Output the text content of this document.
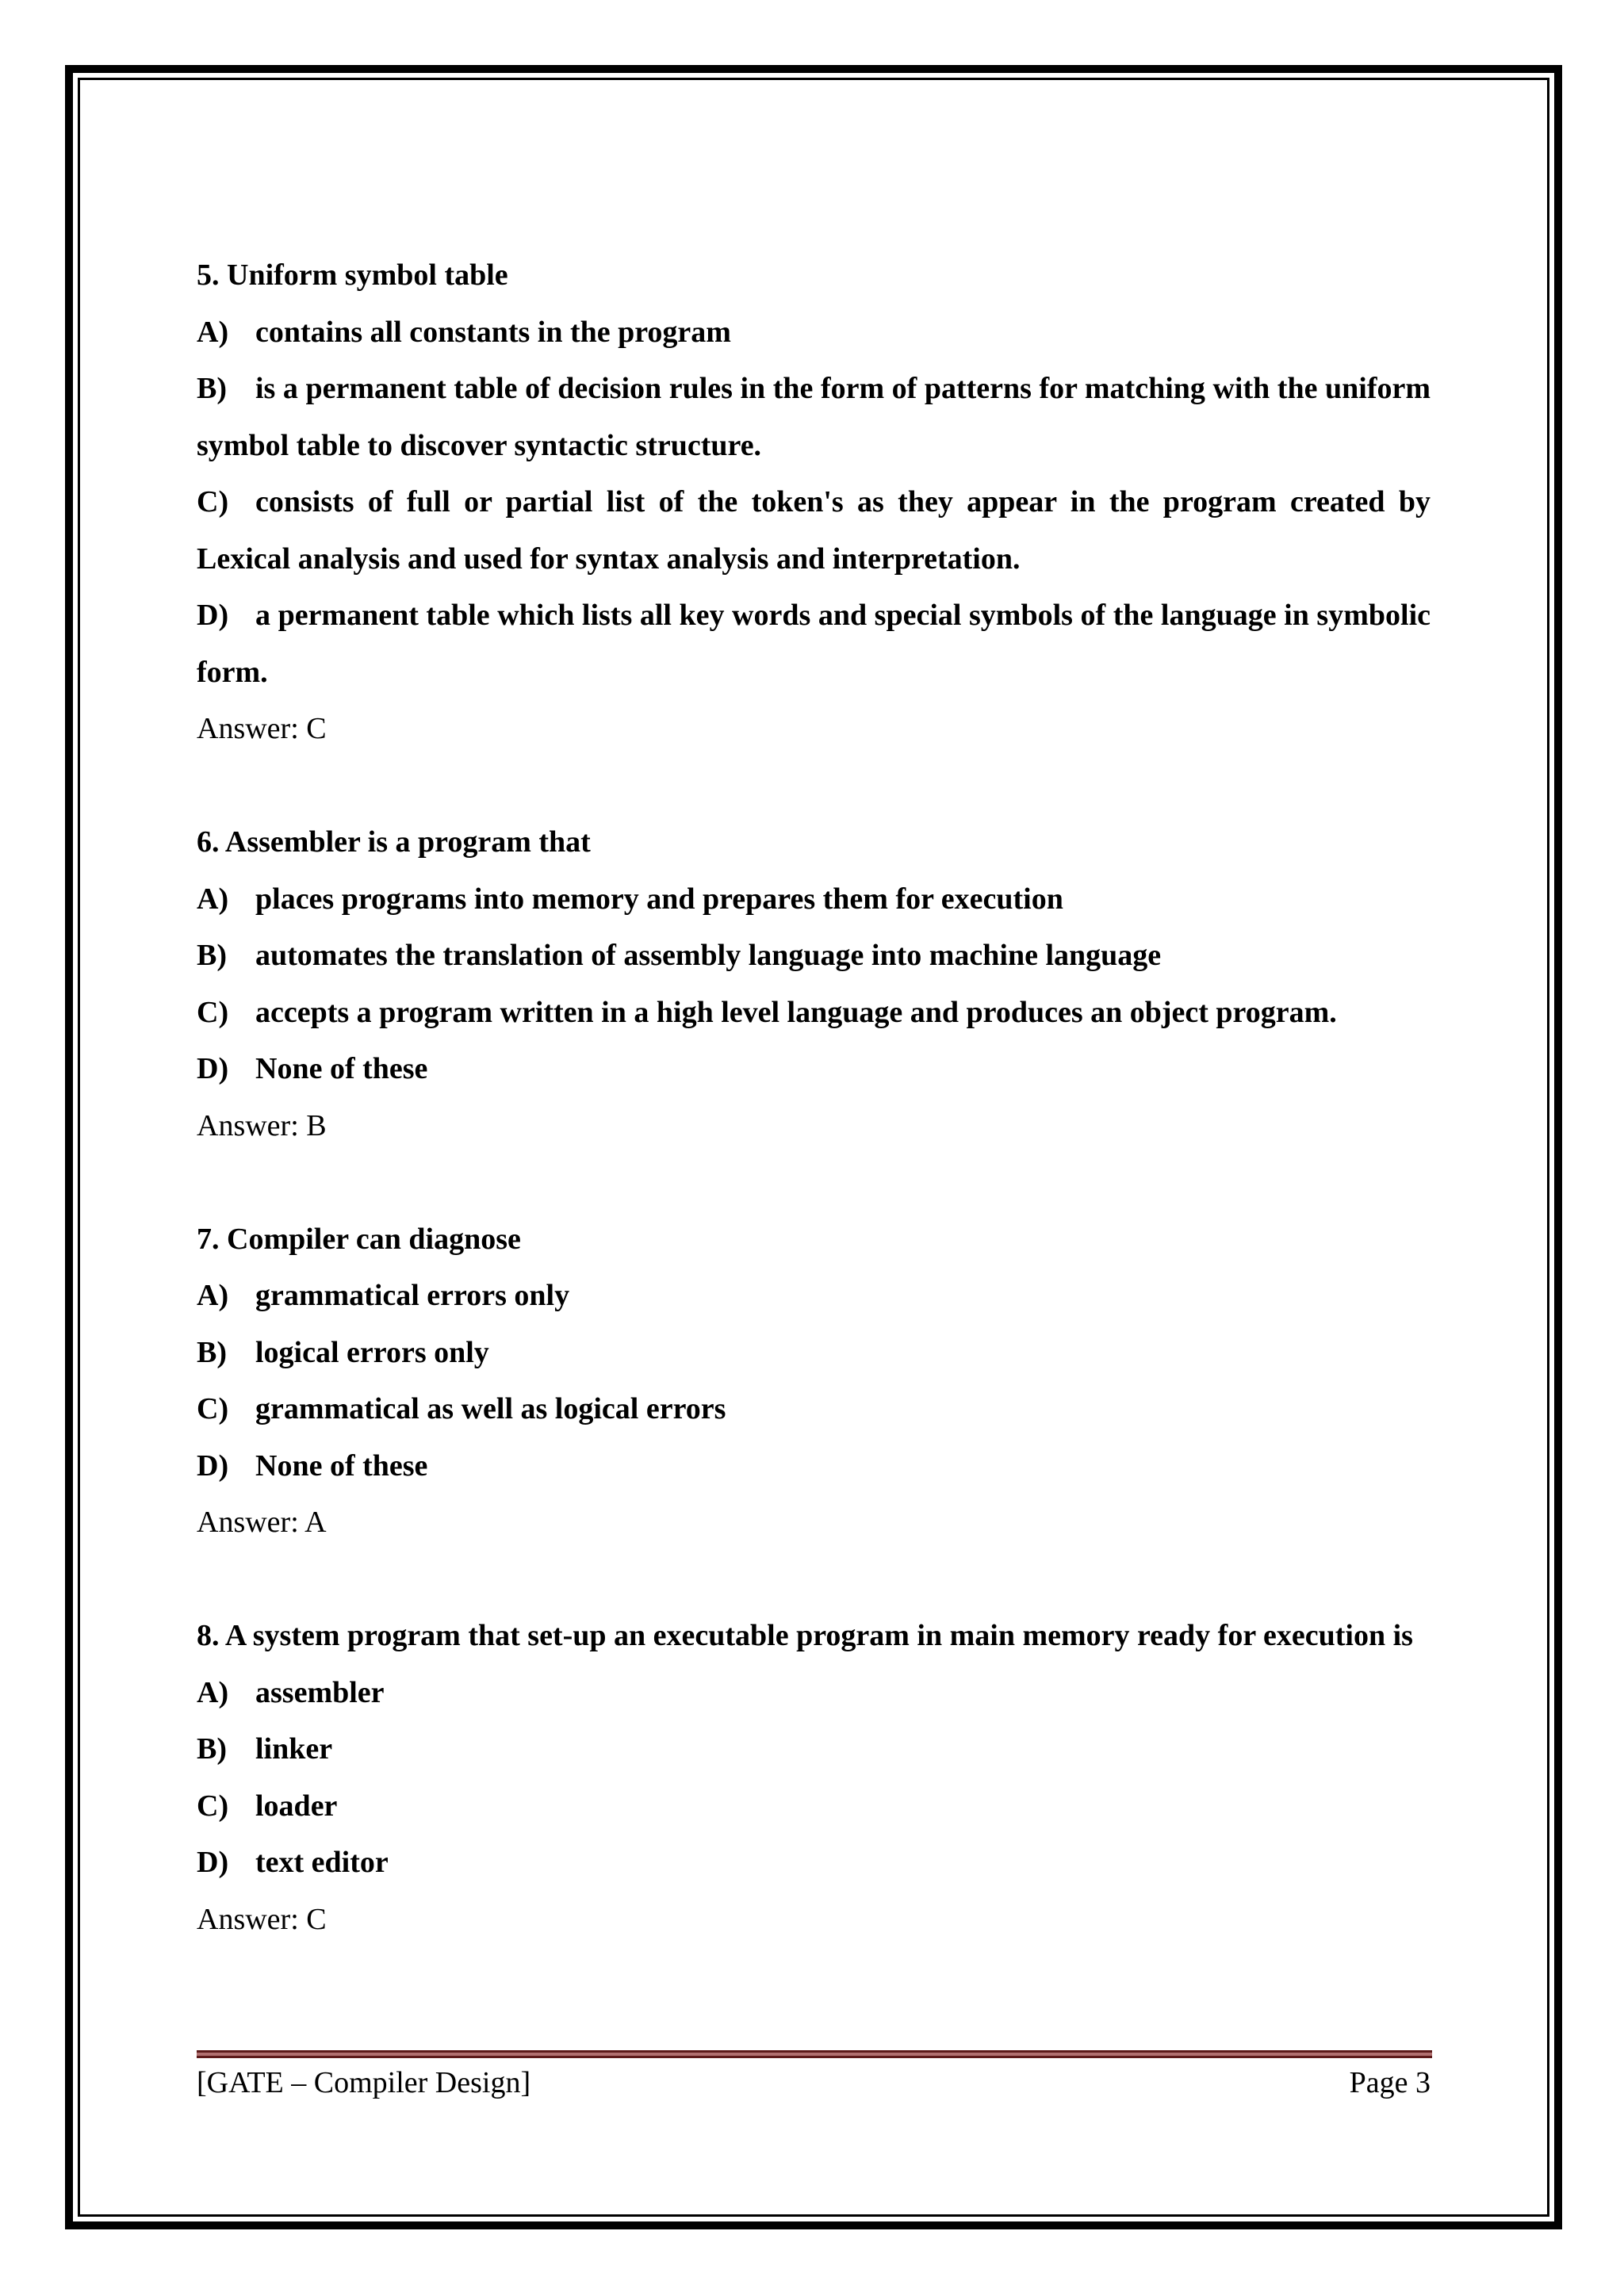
5. Uniform symbol table
A) contains all constants in the program
B) is a permanent table of decision rules in the form of patterns for matching with the uniform symbol table to discover syntactic structure.
C) consists of full or partial list of the token's as they appear in the program created by Lexical analysis and used for syntax analysis and interpretation.
D) a permanent table which lists all key words and special symbols of the language in symbolic form.
Answer: C
6. Assembler is a program that
A) places programs into memory and prepares them for execution
B) automates the translation of assembly language into machine language
C) accepts a program written in a high level language and produces an object program.
D) None of these
Answer: B
7. Compiler can diagnose
A) grammatical errors only
B) logical errors only
C) grammatical as well as logical errors
D) None of these
Answer: A
8. A system program that set-up an executable program in main memory ready for execution is
A) assembler
B) linker
C) loader
D) text editor
Answer: C
[GATE – Compiler Design]	Page 3
